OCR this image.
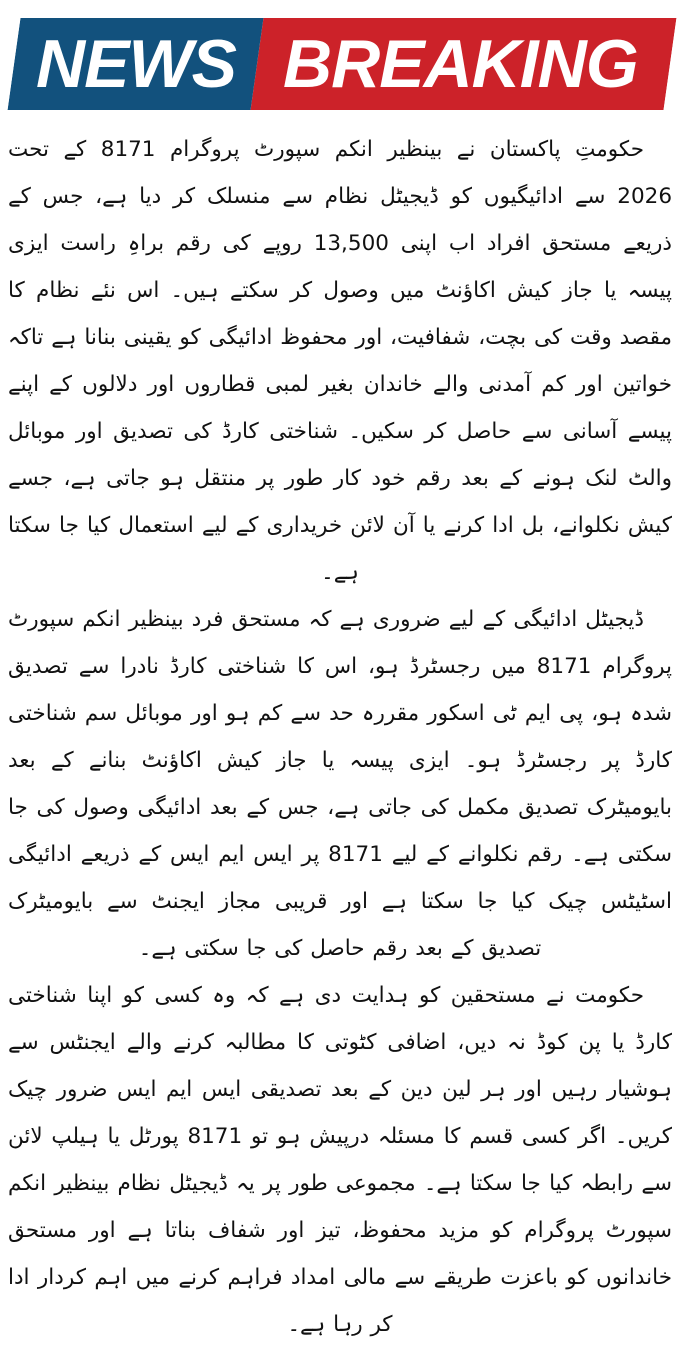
BREAKING
NEWS

حکومتِ پاکستان نے بینظیر انکم سپورٹ پروگرام 8171 کے تحت 2026 سے ادائیگیوں کو ڈیجیٹل نظام سے منسلک کر دیا ہے، جس کے ذریعے مستحق افراد اب اپنی 13,500 روپے کی رقم براہِ راست ایزی پیسہ یا جاز کیش اکاؤنٹ میں وصول کر سکتے ہیں۔ اس نئے نظام کا مقصد وقت کی بچت، شفافیت، اور محفوظ ادائیگی کو یقینی بنانا ہے تاکہ خواتین اور کم آمدنی والے خاندان بغیر لمبی قطاروں اور دلالوں کے اپنے پیسے آسانی سے حاصل کر سکیں۔ شناختی کارڈ کی تصدیق اور موبائل والٹ لنک ہونے کے بعد رقم خود کار طور پر منتقل ہو جاتی ہے، جسے کیش نکلوانے، بل ادا کرنے یا آن لائن خریداری کے لیے استعمال کیا جا سکتا ہے۔

ڈیجیٹل ادائیگی کے لیے ضروری ہے کہ مستحق فرد بینظیر انکم سپورٹ پروگرام 8171 میں رجسٹرڈ ہو، اس کا شناختی کارڈ نادرا سے تصدیق شدہ ہو، پی ایم ٹی اسکور مقررہ حد سے کم ہو اور موبائل سم شناختی کارڈ پر رجسٹرڈ ہو۔ ایزی پیسہ یا جاز کیش اکاؤنٹ بنانے کے بعد بایومیٹرک تصدیق مکمل کی جاتی ہے، جس کے بعد ادائیگی وصول کی جا سکتی ہے۔ رقم نکلوانے کے لیے 8171 پر ایس ایم ایس کے ذریعے ادائیگی اسٹیٹس چیک کیا جا سکتا ہے اور قریبی مجاز ایجنٹ سے بایومیٹرک تصدیق کے بعد رقم حاصل کی جا سکتی ہے۔

حکومت نے مستحقین کو ہدایت دی ہے کہ وہ کسی کو اپنا شناختی کارڈ یا پن کوڈ نہ دیں، اضافی کٹوتی کا مطالبہ کرنے والے ایجنٹس سے ہوشیار رہیں اور ہر لین دین کے بعد تصدیقی ایس ایم ایس ضرور چیک کریں۔ اگر کسی قسم کا مسئلہ درپیش ہو تو 8171 پورٹل یا ہیلپ لائن سے رابطہ کیا جا سکتا ہے۔ مجموعی طور پر یہ ڈیجیٹل نظام بینظیر انکم سپورٹ پروگرام کو مزید محفوظ، تیز اور شفاف بناتا ہے اور مستحق خاندانوں کو باعزت طریقے سے مالی امداد فراہم کرنے میں اہم کردار ادا کر رہا ہے۔
